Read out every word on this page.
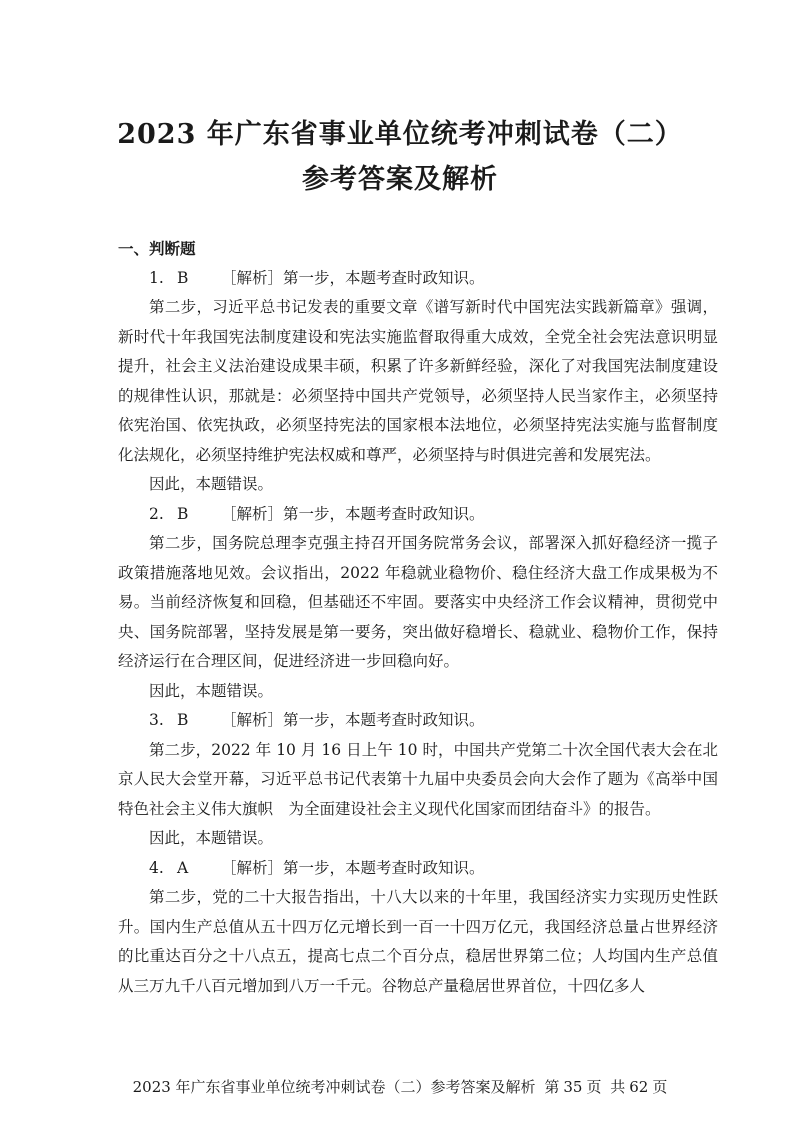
2023 年广东省事业单位统考冲刺试卷（二）
参考答案及解析

一、判断题

1. B ［解析］第一步，本题考查时政知识。

第二步，习近平总书记发表的重要文章《谱写新时代中国宪法实践新篇章》强调，新时代十年我国宪法制度建设和宪法实施监督取得重大成效，全党全社会宪法意识明显提升，社会主义法治建设成果丰硕，积累了许多新鲜经验，深化了对我国宪法制度建设的规律性认识，那就是：必须坚持中国共产党领导，必须坚持人民当家作主，必须坚持依宪治国、依宪执政，必须坚持宪法的国家根本法地位，必须坚持宪法实施与监督制度化法规化，必须坚持维护宪法权威和尊严，必须坚持与时俱进完善和发展宪法。

因此，本题错误。

2. B ［解析］第一步，本题考查时政知识。

第二步，国务院总理李克强主持召开国务院常务会议，部署深入抓好稳经济一揽子政策措施落地见效。会议指出，2022 年稳就业稳物价、稳住经济大盘工作成果极为不易。当前经济恢复和回稳，但基础还不牢固。要落实中央经济工作会议精神，贯彻党中央、国务院部署，坚持发展是第一要务，突出做好稳增长、稳就业、稳物价工作，保持经济运行在合理区间，促进经济进一步回稳向好。

因此，本题错误。

3. B ［解析］第一步，本题考查时政知识。

第二步，2022 年 10 月 16 日上午 10 时，中国共产党第二十次全国代表大会在北京人民大会堂开幕，习近平总书记代表第十九届中央委员会向大会作了题为《高举中国特色社会主义伟大旗帜　为全面建设社会主义现代化国家而团结奋斗》的报告。

因此，本题错误。

4. A ［解析］第一步，本题考查时政知识。

第二步，党的二十大报告指出，十八大以来的十年里，我国经济实力实现历史性跃升。国内生产总值从五十四万亿元增长到一百一十四万亿元，我国经济总量占世界经济的比重达百分之十八点五，提高七点二个百分点，稳居世界第二位；人均国内生产总值从三万九千八百元增加到八万一千元。谷物总产量稳居世界首位，十四亿多人

2023 年广东省事业单位统考冲刺试卷（二）参考答案及解析 第 35 页 共 62 页
